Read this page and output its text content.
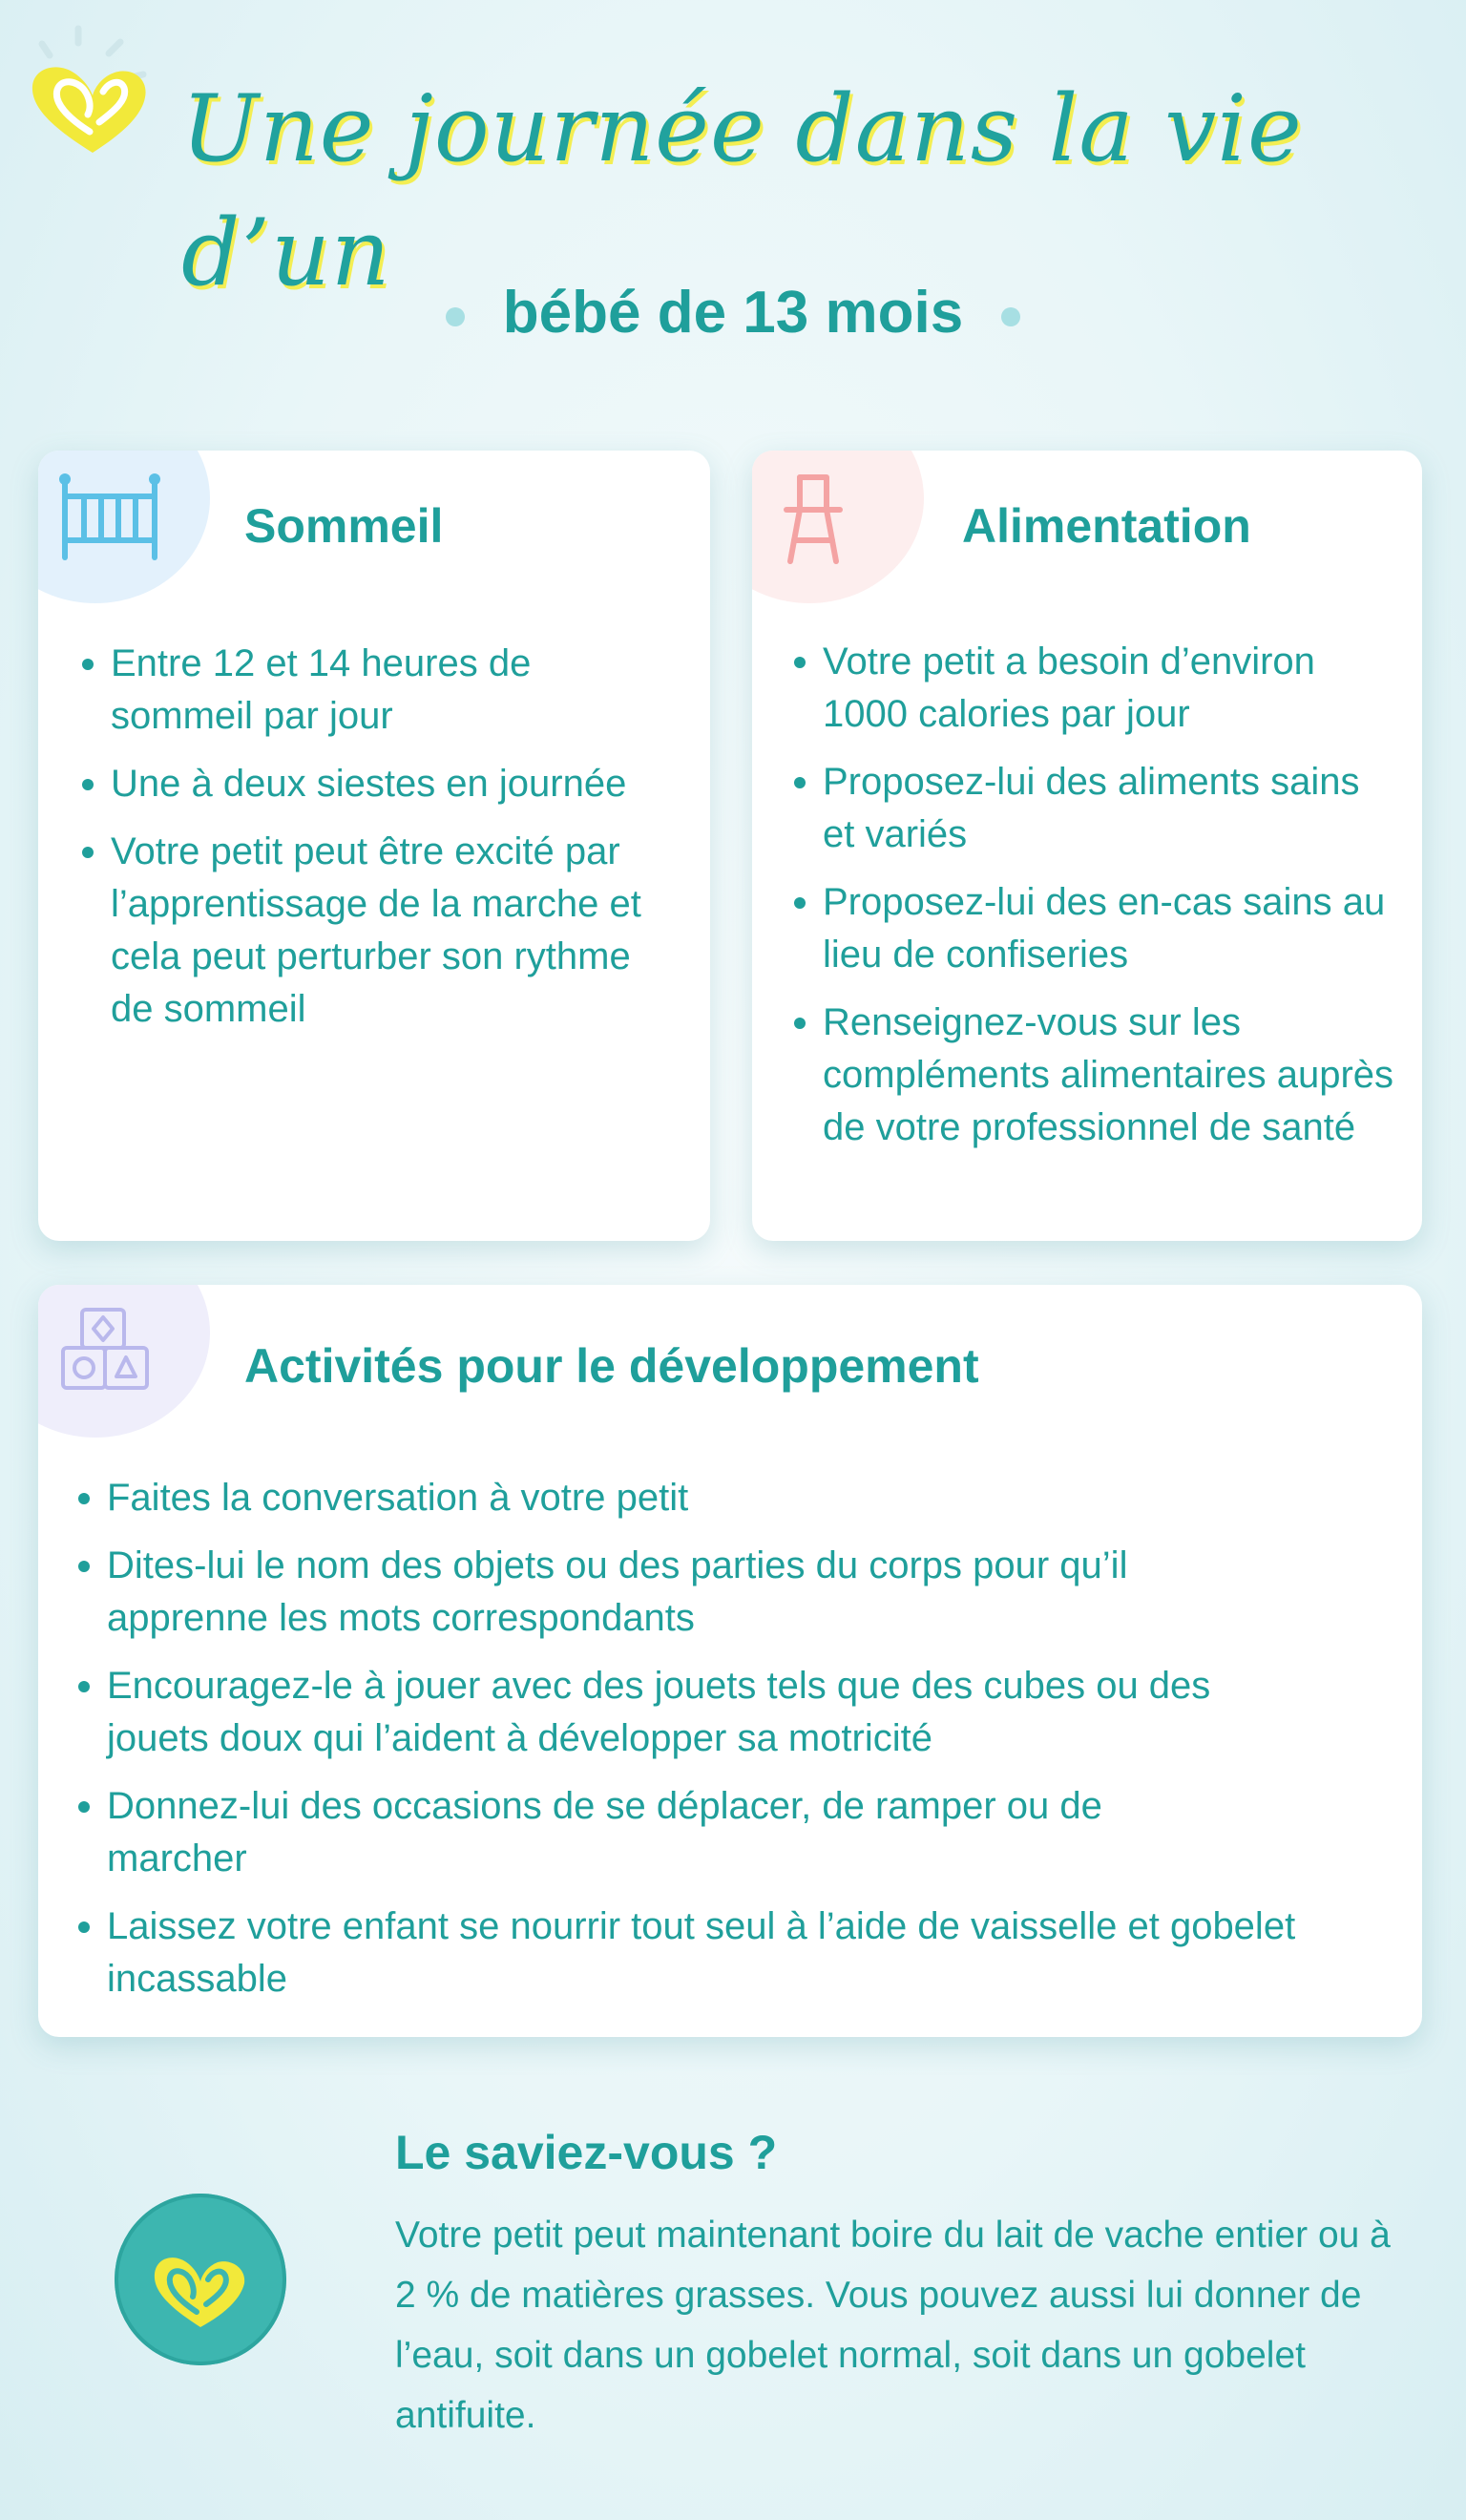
Une journée dans la vie d’un
bébé de 13 mois
Sommeil
Entre 12 et 14 heures de sommeil par jour
Une à deux siestes en journée
Votre petit peut être excité par l’apprentissage de la marche et cela peut perturber son rythme de sommeil
Alimentation
Votre petit a besoin d’environ 1000 calories par jour
Proposez-lui des aliments sains et variés
Proposez-lui des en-cas sains au lieu de confiseries
Renseignez-vous sur les compléments alimentaires auprès de votre professionnel de santé
Activités pour le développement
Faites la conversation à votre petit
Dites-lui le nom des objets ou des parties du corps pour qu’il apprenne les mots correspondants
Encouragez-le à jouer avec des jouets tels que des cubes ou des jouets doux qui l’aident à développer sa motricité
Donnez-lui des occasions de se déplacer, de ramper ou de marcher
Laissez votre enfant se nourrir tout seul à l’aide de vaisselle et gobelet incassable
Le saviez-vous ?

Votre petit peut maintenant boire du lait de vache entier ou à 2 % de matières grasses. Vous pouvez aussi lui donner de l’eau, soit dans un gobelet normal, soit dans un gobelet antifuite.
